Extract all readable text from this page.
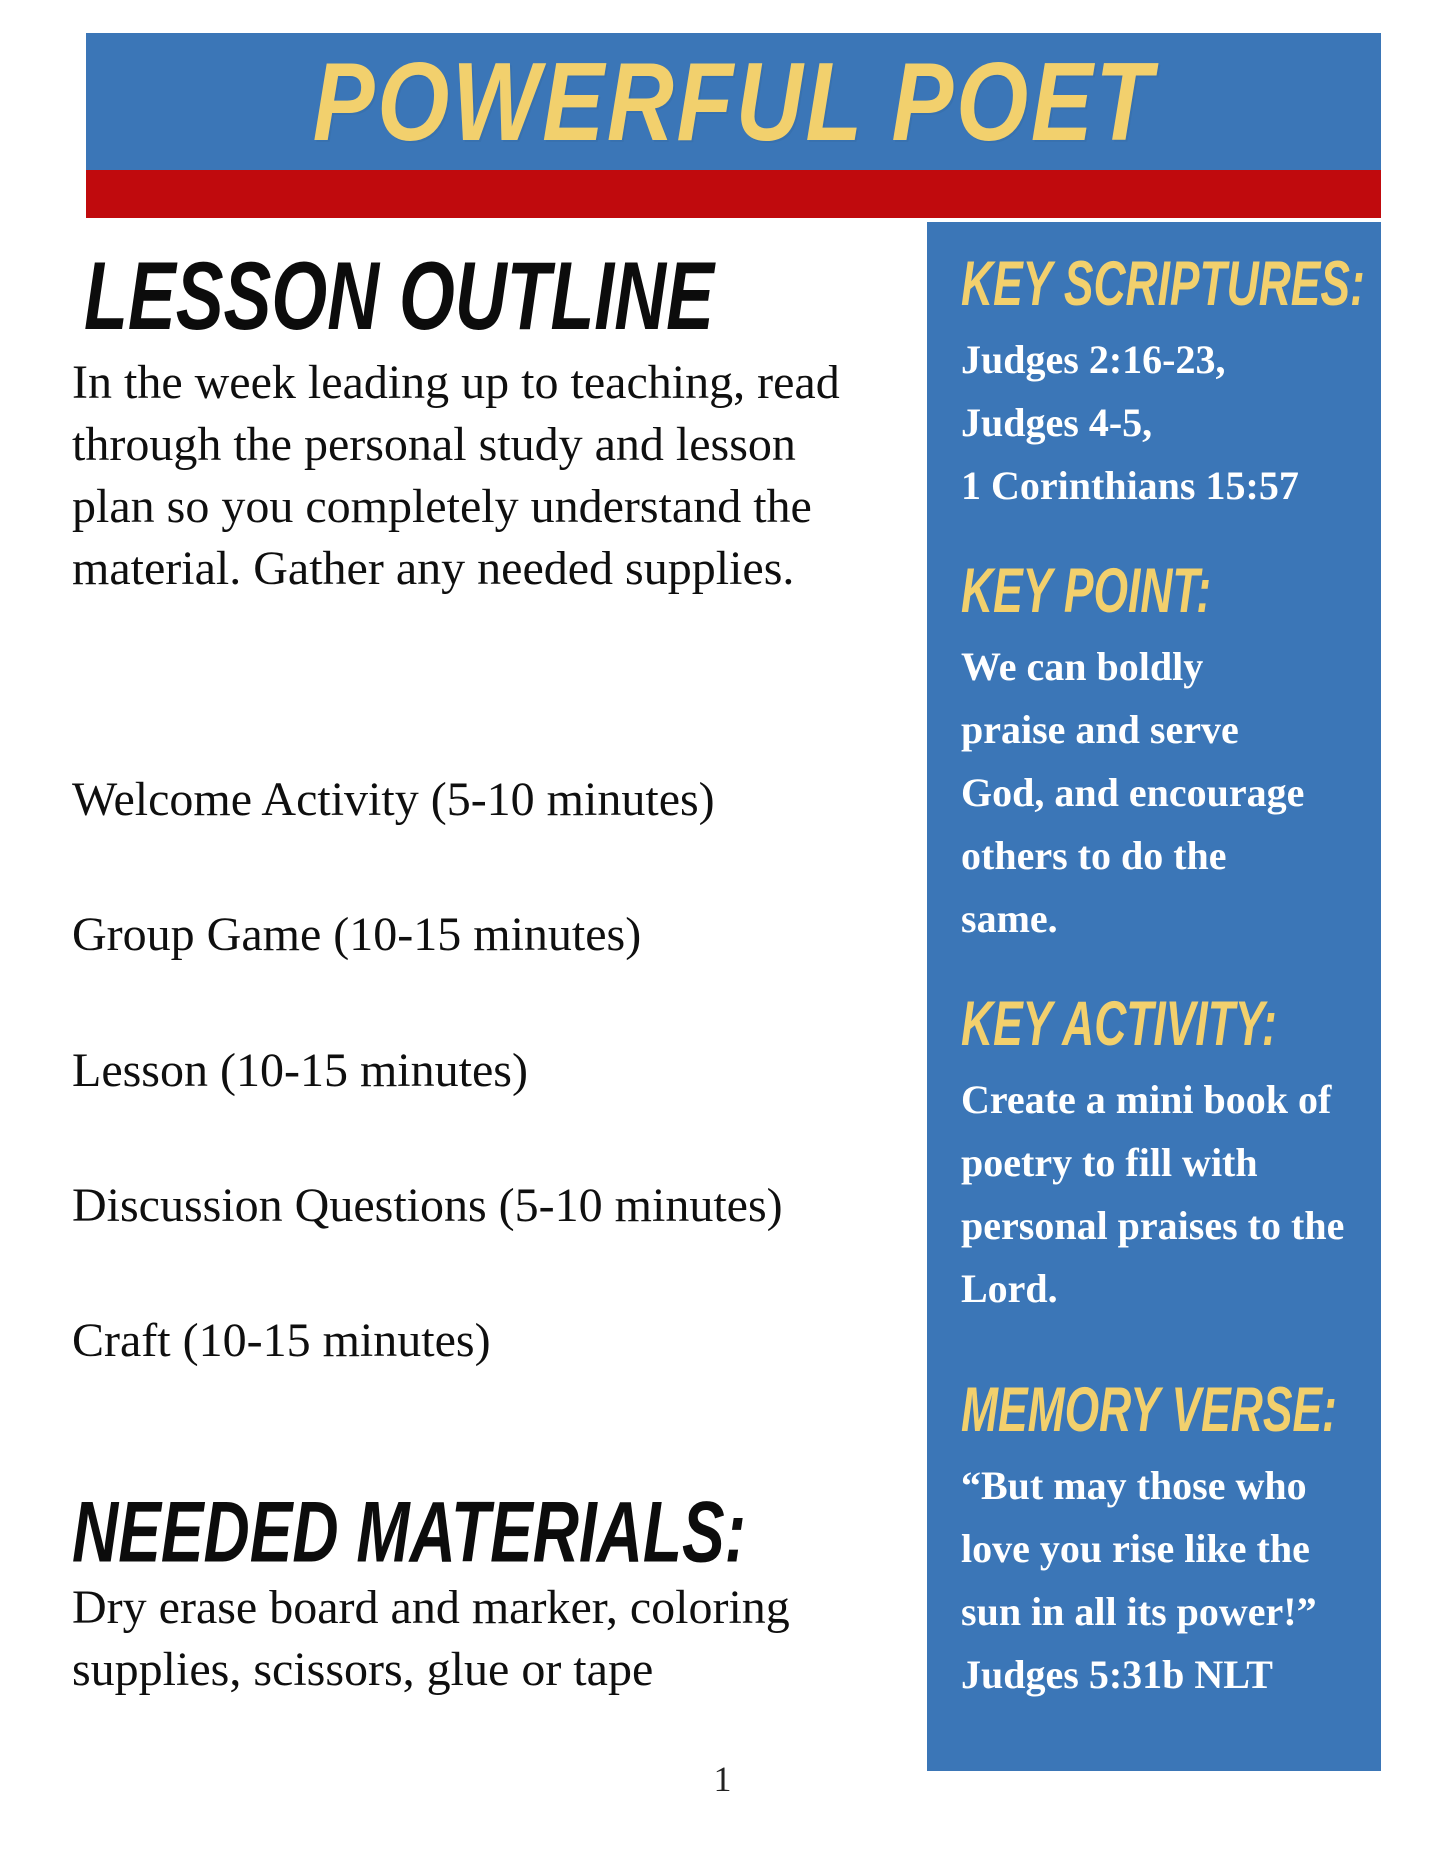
POWERFUL POET
LESSON OUTLINE
In the week leading up to teaching, read through the personal study and lesson plan so you completely understand the material. Gather any needed supplies.
Welcome Activity (5-10 minutes)
Group Game (10-15 minutes)
Lesson (10-15 minutes)
Discussion Questions (5-10 minutes)
Craft (10-15 minutes)
NEEDED MATERIALS:
Dry erase board and marker, coloring supplies, scissors, glue or tape
1
KEY SCRIPTURES:
Judges 2:16-23,
Judges 4-5,
1 Corinthians 15:57
KEY POINT:
We can boldly
praise and serve
God, and encourage
others to do the
same.
KEY ACTIVITY:
Create a mini book of
poetry to fill with
personal praises to the
Lord.
MEMORY VERSE:
“But may those who
love you rise like the
sun in all its power!”
Judges 5:31b NLT
